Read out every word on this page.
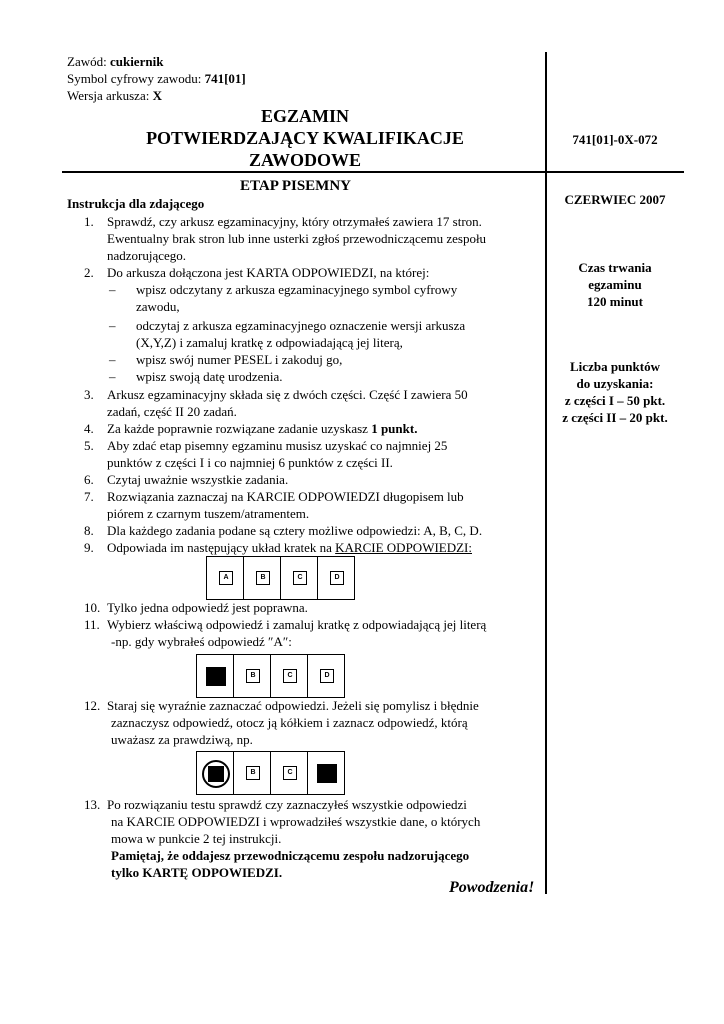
Zawód: cukiernik
Symbol cyfrowy zawodu: 741[01]
Wersja arkusza: X
EGZAMIN
POTWIERDZAJĄCY KWALIFIKACJE
ZAWODOWE
741[01]-0X-072
CZERWIEC 2007
Czas trwania
egzaminu
120 minut
Liczba punktów
do uzyskania:
z części I – 50 pkt.
z części II – 20 pkt.
ETAP PISEMNY
Instrukcja dla zdającego
1. Sprawdź, czy arkusz egzaminacyjny, który otrzymałeś zawiera 17 stron.
Ewentualny brak stron lub inne usterki zgłoś przewodniczącemu zespołu
nadzorującego.
2. Do arkusza dołączona jest KARTA ODPOWIEDZI, na której:
– wpisz odczytany z arkusza egzaminacyjnego symbol cyfrowy
zawodu,
– odczytaj z arkusza egzaminacyjnego oznaczenie wersji arkusza
(X,Y,Z) i zamaluj kratkę z odpowiadającą jej literą,
– wpisz swój numer PESEL i zakoduj go,
– wpisz swoją datę urodzenia.
3. Arkusz egzaminacyjny składa się z dwóch części. Część I zawiera 50
zadań, część II 20 zadań.
4. Za każde poprawnie rozwiązane zadanie uzyskasz 1 punkt.
5. Aby zdać etap pisemny egzaminu musisz uzyskać co najmniej 25
punktów z części I i co najmniej 6 punktów z części II.
6. Czytaj uważnie wszystkie zadania.
7. Rozwiązania zaznaczaj na KARCIE ODPOWIEDZI długopisem lub
piórem z czarnym tuszem/atramentem.
8. Dla każdego zadania podane są cztery możliwe odpowiedzi: A, B, C, D.
9. Odpowiada im następujący układ kratek na KARCIE ODPOWIEDZI:
A	B	C	D
10. Tylko jedna odpowiedź jest poprawna.
11. Wybierz właściwą odpowiedź i zamaluj kratkę z odpowiadającą jej literą
-np. gdy wybrałeś odpowiedź ″A″:
B	C	D
12. Staraj się wyraźnie zaznaczać odpowiedzi. Jeżeli się pomylisz i błędnie
zaznaczysz odpowiedź, otocz ją kółkiem i zaznacz odpowiedź, którą
uważasz za prawdziwą, np.
B	C
13. Po rozwiązaniu testu sprawdź czy zaznaczyłeś wszystkie odpowiedzi
na KARCIE ODPOWIEDZI i wprowadziłeś wszystkie dane, o których
mowa w punkcie 2 tej instrukcji.
Pamiętaj, że oddajesz przewodniczącemu zespołu nadzorującego
tylko KARTĘ ODPOWIEDZI.
Powodzenia!
